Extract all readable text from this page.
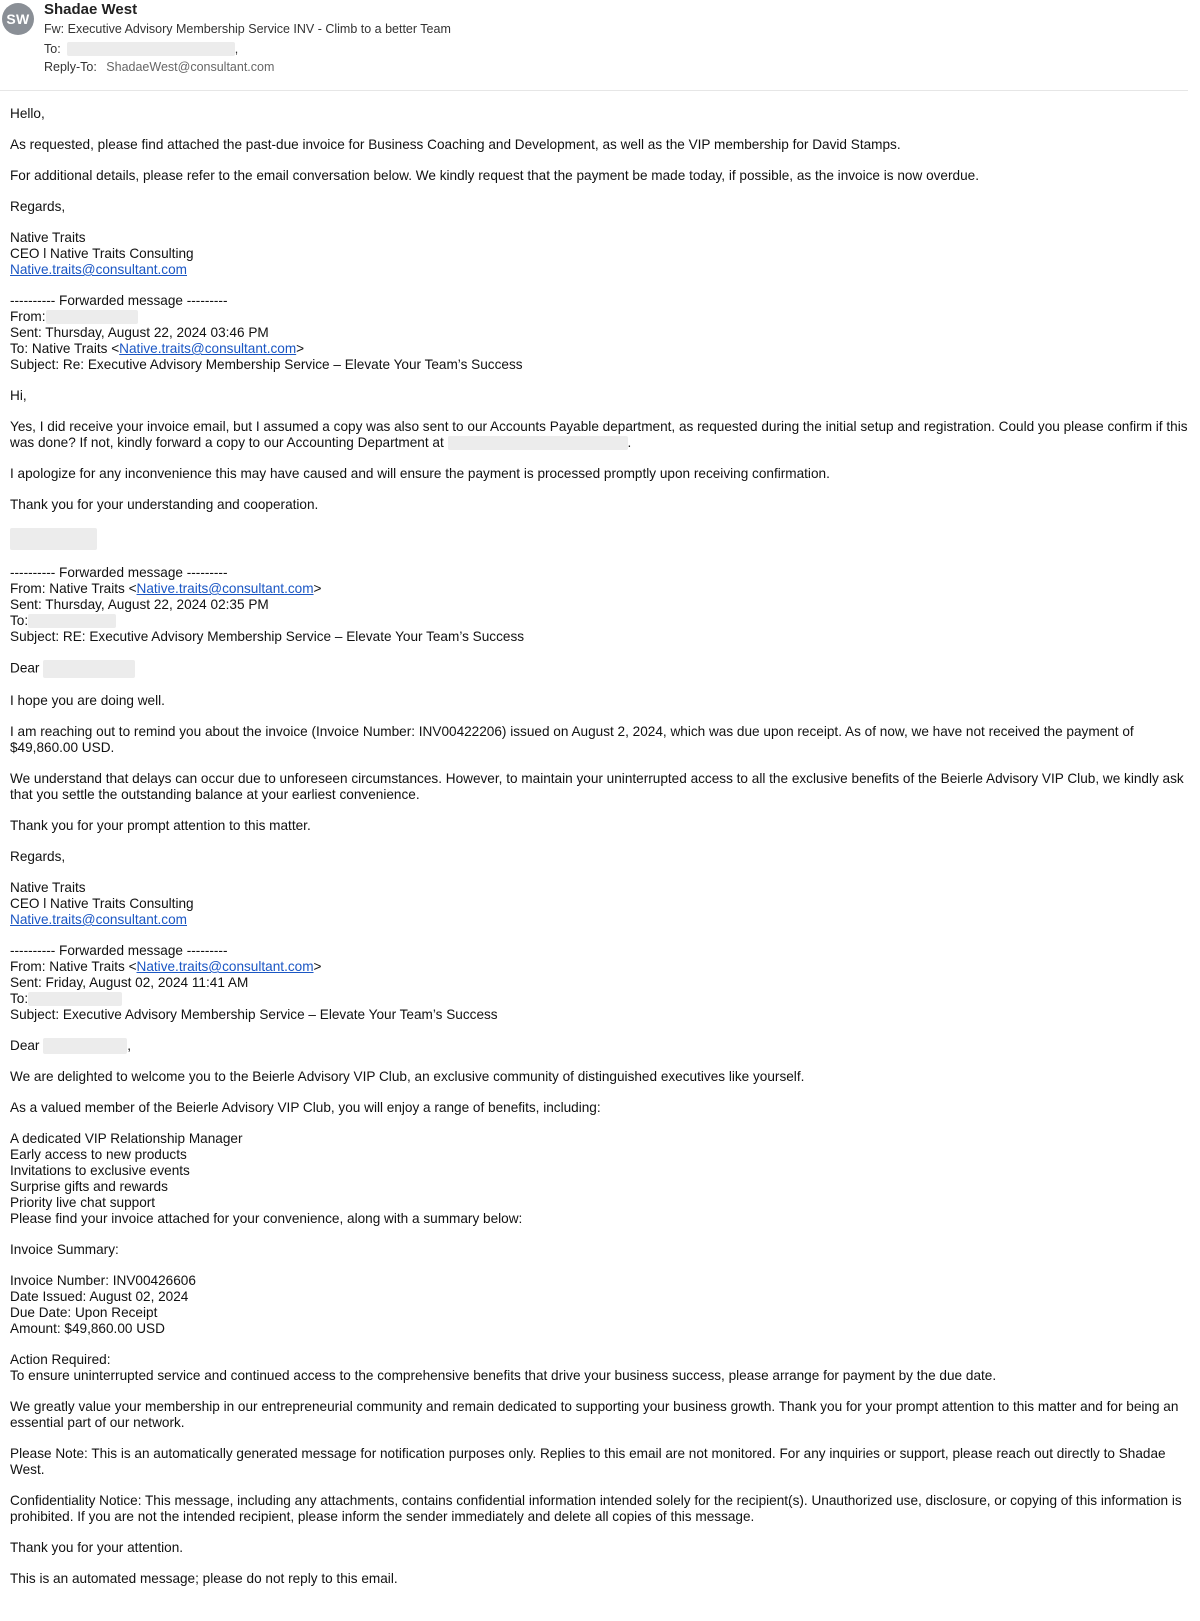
SW
Shadae West
Fw: Executive Advisory Membership Service INV - Climb to a better Team
To:	,
Reply-To: ShadaeWest@consultant.com

Hello,

As requested, please find attached the past-due invoice for Business Coaching and Development, as well as the VIP membership for David Stamps.

For additional details, please refer to the email conversation below. We kindly request that the payment be made today, if possible, as the invoice is now overdue.

Regards,

Native Traits
CEO l Native Traits Consulting
Native.traits@consultant.com
---------- Forwarded message ---------
From:
Sent: Thursday, August 22, 2024 03:46 PM
To: Native Traits <Native.traits@consultant.com>
Subject: Re: Executive Advisory Membership Service – Elevate Your Team’s Success

Hi,

Yes, I did receive your invoice email, but I assumed a copy was also sent to our Accounts Payable department, as requested during the initial setup and registration. Could you please confirm if this was done? If not, kindly forward a copy to our Accounting Department at	.

I apologize for any inconvenience this may have caused and will ensure the payment is processed promptly upon receiving confirmation.

Thank you for your understanding and cooperation.

---------- Forwarded message ---------
From: Native Traits <Native.traits@consultant.com>
Sent: Thursday, August 22, 2024 02:35 PM
To:
Subject: RE: Executive Advisory Membership Service – Elevate Your Team’s Success

Dear

I hope you are doing well.

I am reaching out to remind you about the invoice (Invoice Number: INV00422206) issued on August 2, 2024, which was due upon receipt. As of now, we have not received the payment of $49,860.00 USD.

We understand that delays can occur due to unforeseen circumstances. However, to maintain your uninterrupted access to all the exclusive benefits of the Beierle Advisory VIP Club, we kindly ask that you settle the outstanding balance at your earliest convenience.

Thank you for your prompt attention to this matter.

Regards,

Native Traits
CEO l Native Traits Consulting
Native.traits@consultant.com
---------- Forwarded message ---------
From: Native Traits <Native.traits@consultant.com>
Sent: Friday, August 02, 2024 11:41 AM
To:
Subject: Executive Advisory Membership Service – Elevate Your Team’s Success

Dear	,

We are delighted to welcome you to the Beierle Advisory VIP Club, an exclusive community of distinguished executives like yourself.

As a valued member of the Beierle Advisory VIP Club, you will enjoy a range of benefits, including:

A dedicated VIP Relationship Manager
Early access to new products
Invitations to exclusive events
Surprise gifts and rewards
Priority live chat support
Please find your invoice attached for your convenience, along with a summary below:

Invoice Summary:

Invoice Number: INV00426606
Date Issued: August 02, 2024
Due Date: Upon Receipt
Amount: $49,860.00 USD
Action Required:
To ensure uninterrupted service and continued access to the comprehensive benefits that drive your business success, please arrange for payment by the due date.

We greatly value your membership in our entrepreneurial community and remain dedicated to supporting your business growth. Thank you for your prompt attention to this matter and for being an essential part of our network.

Please Note: This is an automatically generated message for notification purposes only. Replies to this email are not monitored. For any inquiries or support, please reach out directly to Shadae West.

Confidentiality Notice: This message, including any attachments, contains confidential information intended solely for the recipient(s). Unauthorized use, disclosure, or copying of this information is prohibited. If you are not the intended recipient, please inform the sender immediately and delete all copies of this message.

Thank you for your attention.

This is an automated message; please do not reply to this email.
